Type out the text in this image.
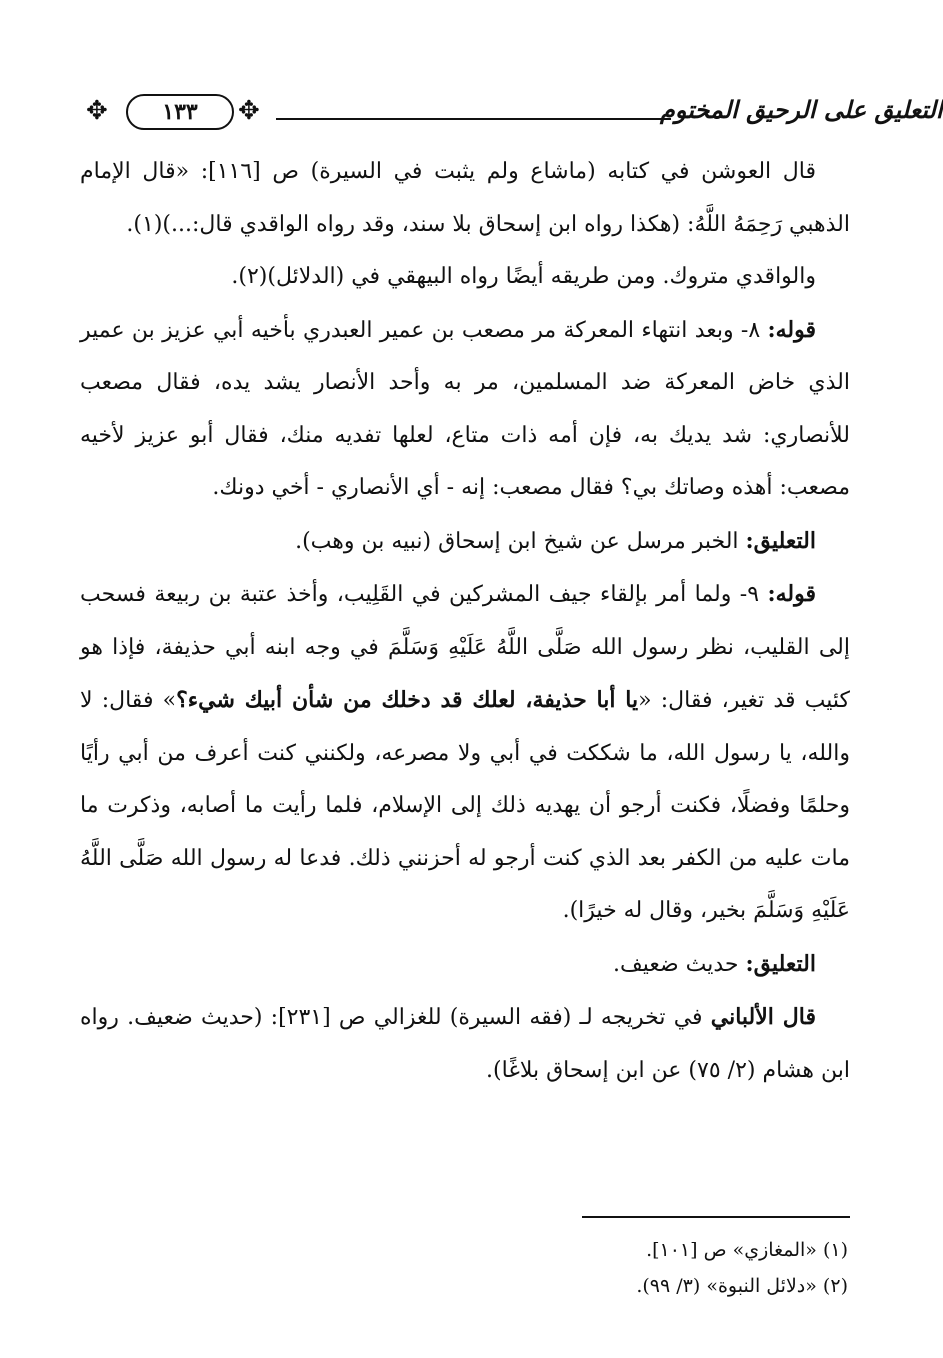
✥	١٣٣	✥	التعليق على الرحيق المختوم

قال العوشن في كتابه (ماشاع ولم يثبت في السيرة) ص [١١٦]: «قال الإمام الذهبي رَحِمَهُ اللَّهُ: (هكذا رواه ابن إسحاق بلا سند، وقد رواه الواقدي قال:...)(١).

والواقدي متروك. ومن طريقه أيضًا رواه البيهقي في (الدلائل)(٢).

قوله: ٨- وبعد انتهاء المعركة مر مصعب بن عمير العبدري بأخيه أبي عزيز بن عمير الذي خاض المعركة ضد المسلمين، مر به وأحد الأنصار يشد يده، فقال مصعب للأنصاري: شد يديك به، فإن أمه ذات متاع، لعلها تفديه منك، فقال أبو عزيز لأخيه مصعب: أهذه وصاتك بي؟ فقال مصعب: إنه - أي الأنصاري - أخي دونك.

التعليق: الخبر مرسل عن شيخ ابن إسحاق (نبيه بن وهب).

قوله: ٩- ولما أمر بإلقاء جيف المشركين في القَلِيب، وأخذ عتبة بن ربيعة فسحب إلى القليب، نظر رسول الله صَلَّى اللَّهُ عَلَيْهِ وَسَلَّمَ في وجه ابنه أبي حذيفة، فإذا هو كئيب قد تغير، فقال: «يا أبا حذيفة، لعلك قد دخلك من شأن أبيك شيء؟» فقال: لا والله، يا رسول الله، ما شككت في أبي ولا مصرعه، ولكنني كنت أعرف من أبي رأيًا وحلمًا وفضلًا، فكنت أرجو أن يهديه ذلك إلى الإسلام، فلما رأيت ما أصابه، وذكرت ما مات عليه من الكفر بعد الذي كنت أرجو له أحزنني ذلك. فدعا له رسول الله صَلَّى اللَّهُ عَلَيْهِ وَسَلَّمَ بخير، وقال له خيرًا).

التعليق: حديث ضعيف.

قال الألباني في تخريجه لـ (فقه السيرة) للغزالي ص [٢٣١]: (حديث ضعيف. رواه ابن هشام (٢/ ٧٥) عن ابن إسحاق بلاغًا).

(١) «المغازي» ص [١٠١].

(٢) «دلائل النبوة» (٣/ ٩٩).
